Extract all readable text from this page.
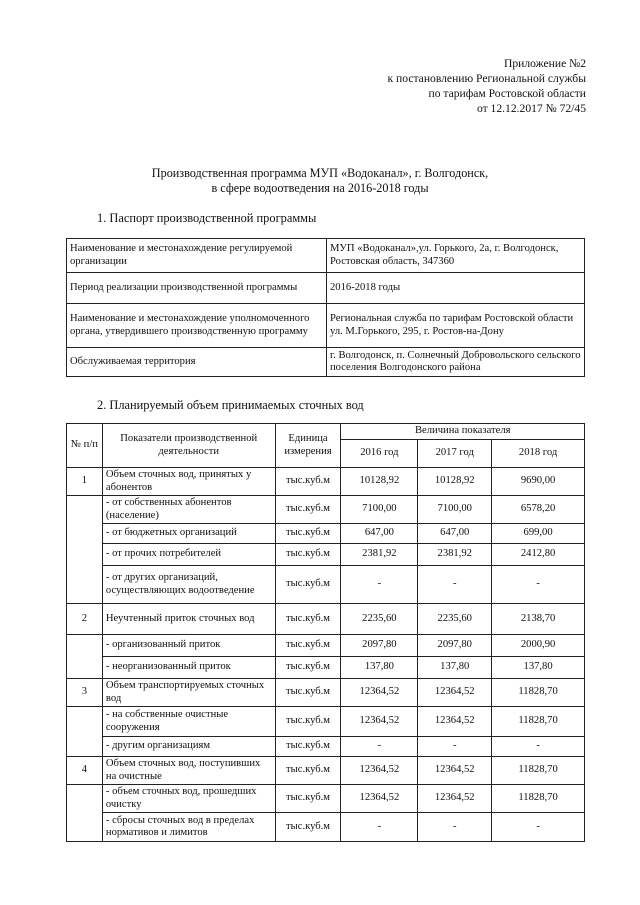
Приложение №2
к постановлению Региональной службы
по тарифам Ростовской области
от 12.12.2017 № 72/45
Производственная программа МУП «Водоканал», г. Волгодонск,
в сфере водоотведения на 2016-2018 годы
1. Паспорт производственной программы
Наименование и местонахождение регулируемой организации	МУП «Водоканал»,ул. Горького, 2а, г. Волгодонск, Ростовская область, 347360
Период реализации производственной программы	2016-2018 годы
Наименование и местонахождение уполномоченного органа, утвердившего производственную программу	Региональная служба по тарифам Ростовской области ул. М.Горького, 295, г. Ростов-на-Дону
Обслуживаемая территория	г. Волгодонск, п. Солнечный Добровольского сельского поселения Волгодонского района
2. Планируемый объем принимаемых сточных вод
№ п/п	Показатели производственной деятельности	Единица измерения	Величина показателя		
			2016 год	2017 год	2018 год
1	Объем сточных вод, принятых у абонентов	тыс.куб.м	10128,92	10128,92	9690,00
	- от собственных абонентов (население)	тыс.куб.м	7100,00	7100,00	6578,20
	- от бюджетных организаций	тыс.куб.м	647,00	647,00	699,00
	- от прочих потребителей	тыс.куб.м	2381,92	2381,92	2412,80
	- от других организаций, осуществляющих водоотведение	тыс.куб.м	-	-	-
2	Неучтенный приток сточных вод	тыс.куб.м	2235,60	2235,60	2138,70
	- организованный приток	тыс.куб.м	2097,80	2097,80	2000,90
	- неорганизованный приток	тыс.куб.м	137,80	137,80	137,80
3	Объем транспортируемых сточных вод	тыс.куб.м	12364,52	12364,52	11828,70
	- на собственные очистные сооружения	тыс.куб.м	12364,52	12364,52	11828,70
	- другим организациям	тыс.куб.м	-	-	-
4	Объем сточных вод, поступивших на очистные	тыс.куб.м	12364,52	12364,52	11828,70
	- объем сточных вод, прошедших очистку	тыс.куб.м	12364,52	12364,52	11828,70
	- сбросы сточных вод в пределах нормативов и лимитов	тыс.куб.м	-	-	-
